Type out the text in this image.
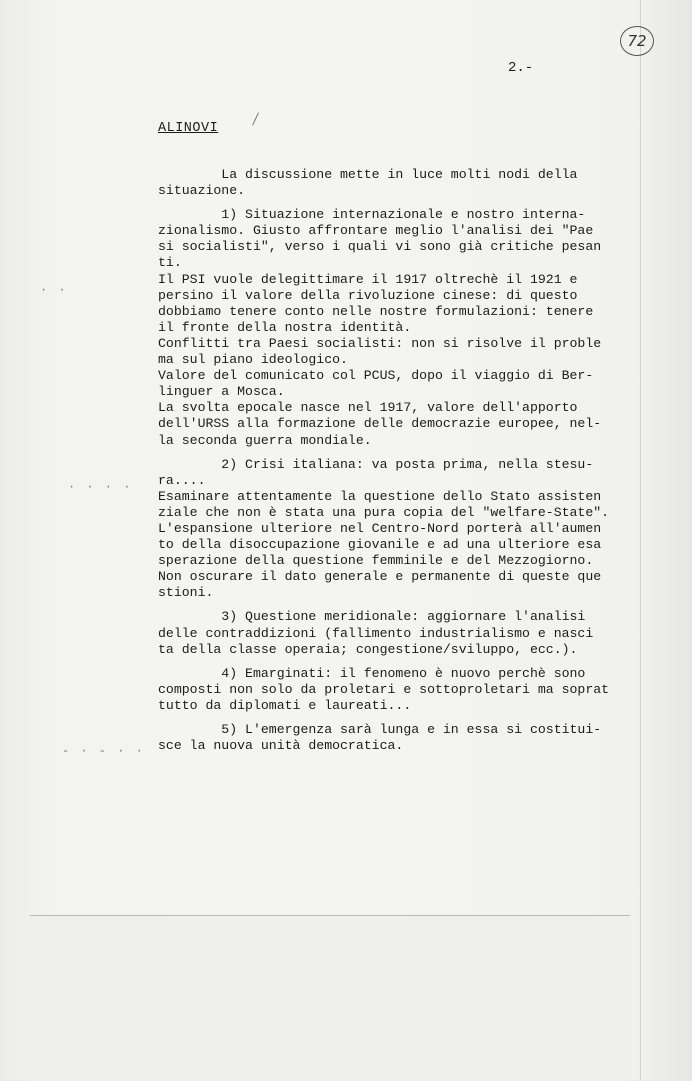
72
2.-
ALINOVI
· · · ·
- · - · ·
· ·

La discussione mette in luce molti nodi della

situazione.

1) Situazione internazionale e nostro interna-

zionalismo. Giusto affrontare meglio l'analisi dei "Pae

si socialisti", verso i quali vi sono già critiche pesan

ti.

Il PSI vuole delegittimare il 1917 oltrechè il 1921 e

persino il valore della rivoluzione cinese: di questo

dobbiamo tenere conto nelle nostre formulazioni: tenere

il fronte della nostra identità.

Conflitti tra Paesi socialisti: non si risolve il proble

ma sul piano ideologico.

Valore del comunicato col PCUS, dopo il viaggio di Ber-

linguer a Mosca.

La svolta epocale nasce nel 1917, valore dell'apporto

dell'URSS alla formazione delle democrazie europee, nel-

la seconda guerra mondiale.

2) Crisi italiana: va posta prima, nella stesu-

ra....

Esaminare attentamente la questione dello Stato assisten

ziale che non è stata una pura copia del "welfare-State".

L'espansione ulteriore nel Centro-Nord porterà all'aumen

to della disoccupazione giovanile e ad una ulteriore esa

sperazione della questione femminile e del Mezzogiorno.

Non oscurare il dato generale e permanente di queste que

stioni.

3) Questione meridionale: aggiornare l'analisi

delle contraddizioni (fallimento industrialismo e nasci

ta della classe operaia; congestione/sviluppo, ecc.).

4) Emarginati: il fenomeno è nuovo perchè sono

composti non solo da proletari e sottoproletari ma soprat

tutto da diplomati e laureati...

5) L'emergenza sarà lunga e in essa si costitui-

sce la nuova unità democratica.
